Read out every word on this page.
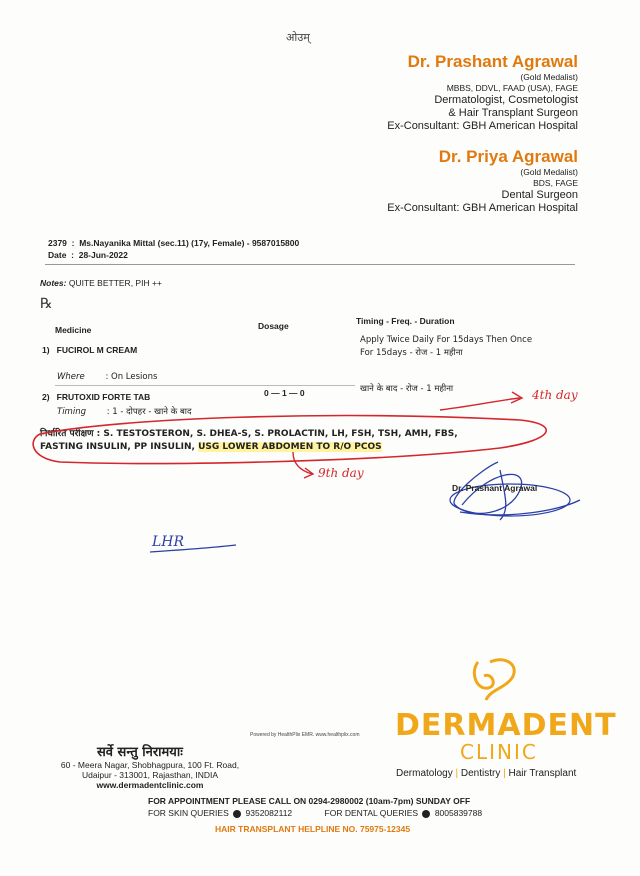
ओउम्
Dr. Prashant Agrawal
(Gold Medalist)
MBBS, DDVL, FAAD (USA), FAGE
Dermatologist, Cosmetologist
& Hair Transplant Surgeon
Ex-Consultant: GBH American Hospital
Dr. Priya Agrawal
(Gold Medalist)
BDS, FAGE
Dental Surgeon
Ex-Consultant: GBH American Hospital
2379  :  Ms.Nayanika Mittal (sec.11) (17y, Female) - 9587015800
Date  :  28-Jun-2022
Notes: QUITE BETTER, PIH ++
℞
Medicine	Dosage	Timing - Freq. - Duration
1) FUCIROL M CREAM
Apply Twice Daily For 15days Then Once
For 15days - रोज - 1 महीना
Where : On Lesions
2) FRUTOXID FORTE TAB	0 — 1 — 0	खाने के बाद - रोज - 1 महीना
Timing : 1 - दोपहर - खाने के बाद
निर्धारित परीक्षण : S. TESTOSTERON, S. DHEA-S, S. PROLACTIN, LH, FSH, TSH, AMH, FBS,
FASTING INSULIN, PP INSULIN, USG LOWER ABDOMEN TO R/O PCOS
4th day
9th day
LHR
Dr. Prashant Agrawal
सर्वे सन्तु निरामयाः
60 - Meera Nagar, Shobhagpura, 100 Ft. Road,
Udaipur - 313001, Rajasthan, INDIA
www.dermadentclinic.com
Powered by HealthPlix EMR. www.healthplix.com DERMADENT
CLINIC
Dermatology | Dentistry | Hair Transplant
FOR APPOINTMENT PLEASE CALL ON 0294-2980002 (10am-7pm) SUNDAY OFF
FOR SKIN QUERIES 9352082112	FOR DENTAL QUERIES 8005839788
HAIR TRANSPLANT HELPLINE NO. 75975-12345
